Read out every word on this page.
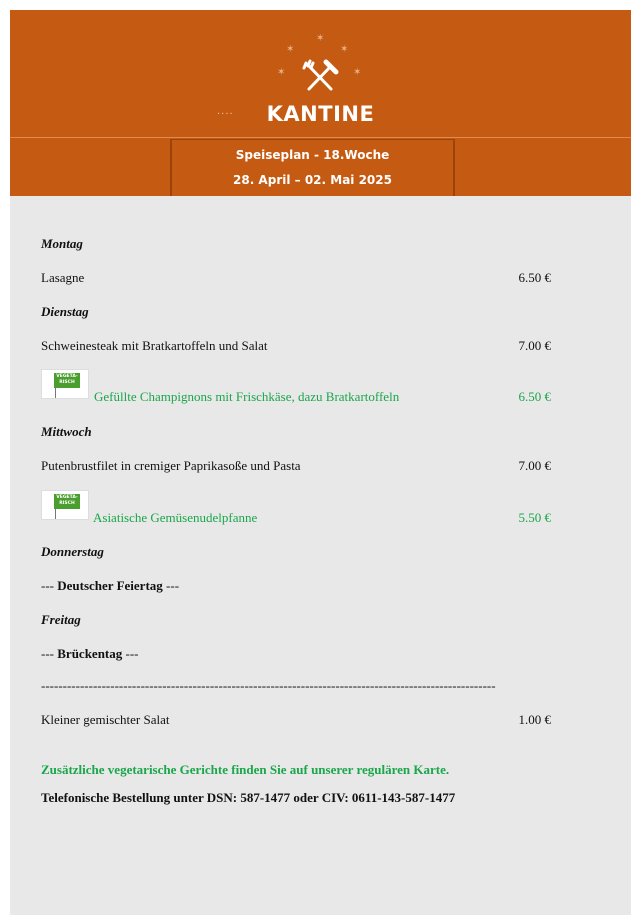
✶
✶
✶
✶	✶
....	KANTINE
Speiseplan - 18.Woche
28. April – 02. Mai 2025
Montag
Lasagne	6.50 €
Dienstag
Schweinesteak mit Bratkartoffeln und Salat	7.00 €
VEGETA-RISCH
Gefüllte Champignons mit Frischkäse, dazu Bratkartoffeln	6.50 €
Mittwoch
Putenbrustfilet in cremiger Paprikasoße und Pasta	7.00 €
VEGETA-RISCH
Asiatische Gemüsenudelpfanne	5.50 €
Donnerstag
--- Deutscher Feiertag ---
Freitag
--- Brückentag ---
---------------------------------------------------------------------------------------------------------
Kleiner gemischter Salat	1.00 €
Zusätzliche vegetarische Gerichte finden Sie auf unserer regulären Karte.
Telefonische Bestellung unter DSN: 587-1477 oder CIV: 0611-143-587-1477
